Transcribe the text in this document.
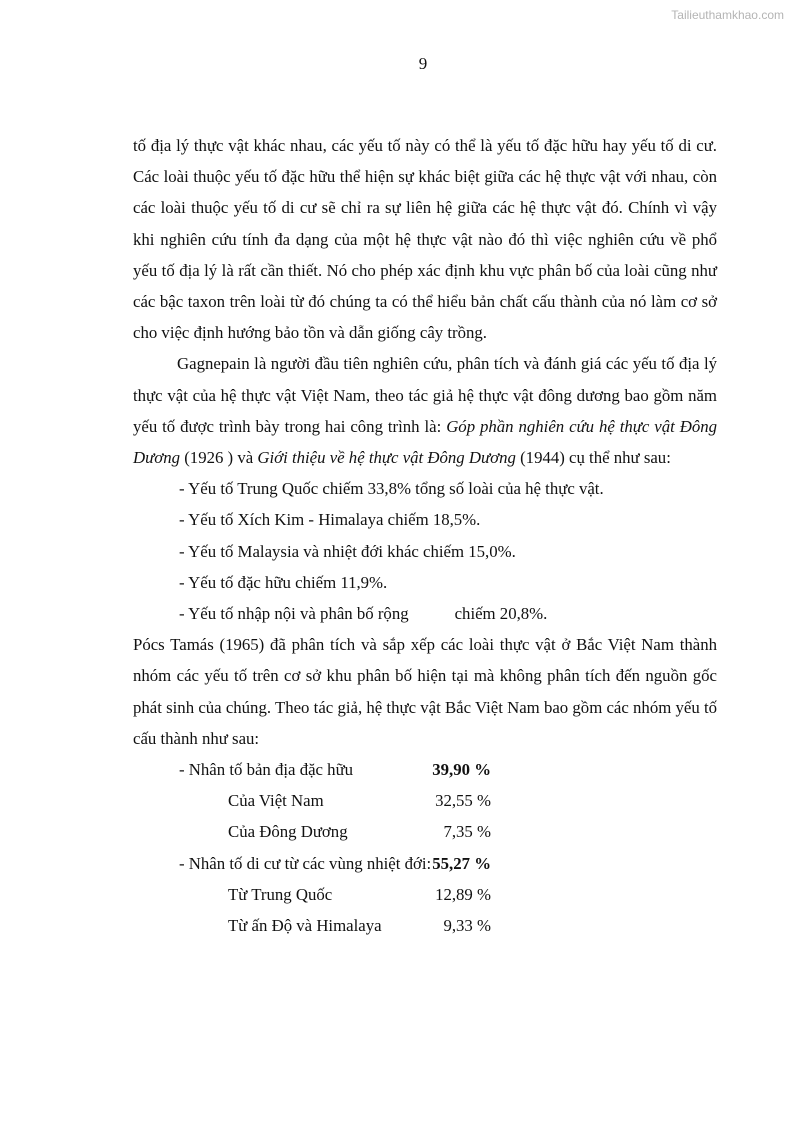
Tailieuthamkhao.com
9

tố địa lý thực vật khác nhau, các yếu tố này có thể là yếu tố đặc hữu hay yếu tố di cư. Các loài thuộc yếu tố đặc hữu thể hiện sự khác biệt giữa các hệ thực vật với nhau, còn các loài thuộc yếu tố di cư sẽ chỉ ra sự liên hệ giữa các hệ thực vật đó. Chính vì vậy khi nghiên cứu tính đa dạng của một hệ thực vật nào đó thì việc nghiên cứu về phổ yếu tố địa lý là rất cần thiết. Nó cho phép xác định khu vực phân bố của loài cũng như các bậc taxon trên loài từ đó chúng ta có thể hiểu bản chất cấu thành của nó làm cơ sở cho việc định hướng bảo tồn và dẫn giống cây trồng.

Gagnepain là người đầu tiên nghiên cứu, phân tích và đánh giá các yếu tố địa lý thực vật của hệ thực vật Việt Nam, theo tác giả hệ thực vật đông dương bao gồm năm yếu tố được trình bày trong hai công trình là: Góp phần nghiên cứu hệ thực vật Đông Dương (1926 ) và Giới thiệu về hệ thực vật Đông Dương (1944) cụ thể như sau:

- Yếu tố Trung Quốc chiếm 33,8% tổng số loài của hệ thực vật.

- Yếu tố Xích Kim - Himalaya chiếm 18,5%.

- Yếu tố Malaysia và nhiệt đới khác chiếm 15,0%.

- Yếu tố đặc hữu chiếm 11,9%.

- Yếu tố nhập nội và phân bố rộng	chiếm 20,8%.

Pócs Tamás (1965) đã phân tích và sắp xếp các loài thực vật ở Bắc Việt Nam thành nhóm các yếu tố trên cơ sở khu phân bố hiện tại mà không phân tích đến nguồn gốc phát sinh của chúng. Theo tác giả, hệ thực vật Bắc Việt Nam bao gồm các nhóm yếu tố cấu thành như sau:

- Nhân tố bản địa đặc hữu	39,90 %
Của Việt Nam	32,55 %
Của Đông Dương	7,35 %
- Nhân tố di cư từ các vùng nhiệt đới: 55,27 %
Từ Trung Quốc	12,89 %
Từ ấn Độ và Himalaya	9,33 %
